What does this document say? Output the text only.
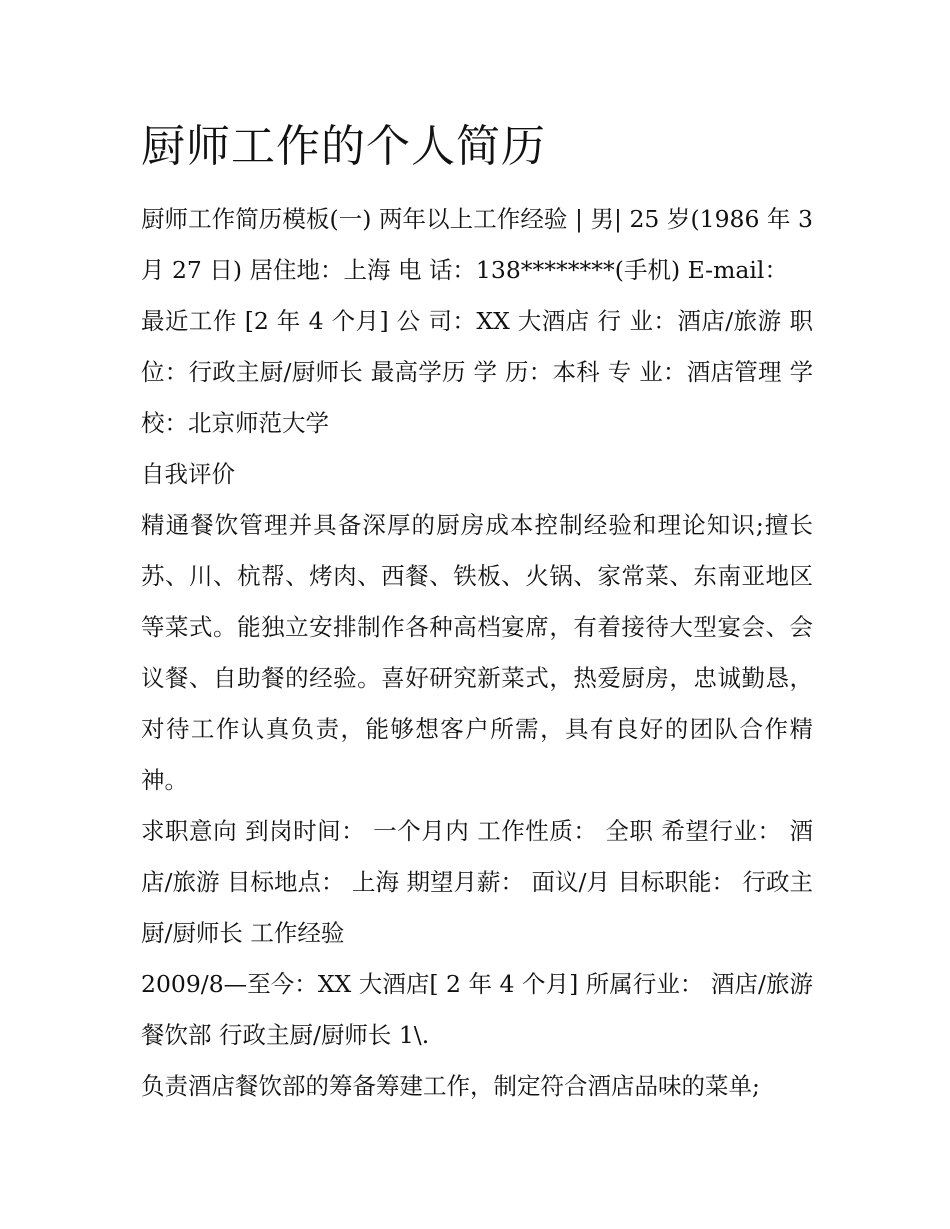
厨师工作的个人简历

厨师工作简历模板(一) 两年以上工作经验 | 男| 25 岁(1986 年 3 月 27 日) 居住地：上海 电 话：138********(手机) E-mail：

最近工作 [2 年 4 个月] 公 司：XX 大酒店 行 业：酒店/旅游 职位：行政主厨/厨师长 最高学历 学 历：本科 专 业：酒店管理 学 校：北京师范大学

自我评价

精通餐饮管理并具备深厚的厨房成本控制经验和理论知识;擅长苏、川、杭帮、烤肉、西餐、铁板、火锅、家常菜、东南亚地区等菜式。能独立安排制作各种高档宴席，有着接待大型宴会、会议餐、自助餐的经验。喜好研究新菜式，热爱厨房，忠诚勤恳，对待工作认真负责，能够想客户所需，具有良好的团队合作精神。

求职意向 到岗时间： 一个月内 工作性质： 全职 希望行业： 酒店/旅游 目标地点： 上海 期望月薪： 面议/月 目标职能： 行政主厨/厨师长 工作经验

2009/8—至今：XX 大酒店[ 2 年 4 个月] 所属行业： 酒店/旅游 餐饮部 行政主厨/厨师长 1\.

负责酒店餐饮部的筹备筹建工作，制定符合酒店品味的菜单;
